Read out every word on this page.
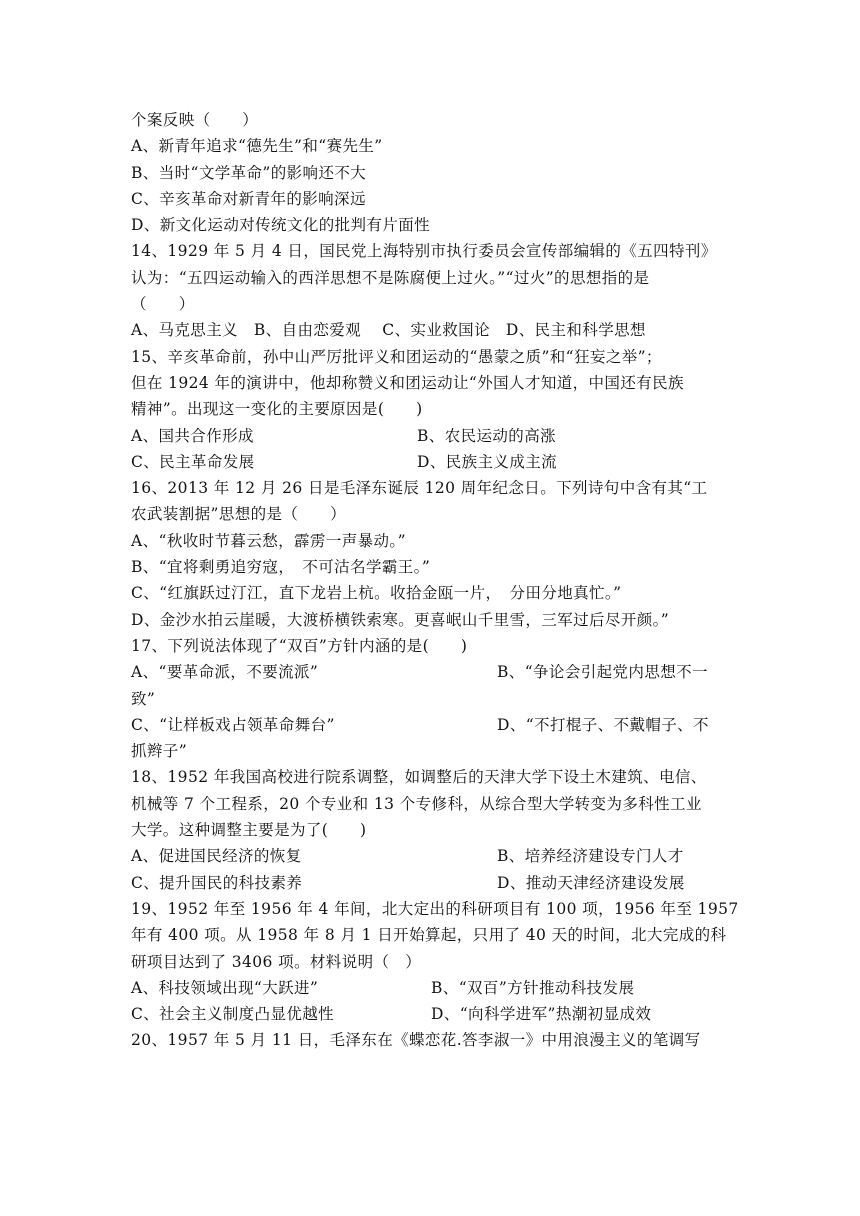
个案反映（　　）
A、新青年追求“德先生”和“赛先生”
B、当时“文学革命”的影响还不大
C、辛亥革命对新青年的影响深远
D、新文化运动对传统文化的批判有片面性
14、1929 年 5 月 4 日，国民党上海特别市执行委员会宣传部编辑的《五四特刊》
认为：“五四运动输入的西洋思想不是陈腐便上过火。”“过火”的思想指的是
（　　）
A、马克思主义　B、自由恋爱观　 C、实业救国论　D、民主和科学思想
15、辛亥革命前，孙中山严厉批评义和团运动的“愚蒙之质”和“狂妄之举”；
但在 1924 年的演讲中，他却称赞义和团运动让“外国人才知道，中国还有民族
精神”。出现这一变化的主要原因是(　　)
A、国共合作形成	B、农民运动的高涨
C、民主革命发展	D、民族主义成主流
16、2013 年 12 月 26 日是毛泽东诞辰 120 周年纪念日。下列诗句中含有其“工
农武装割据”思想的是（　　）
A、“秋收时节暮云愁，霹雳一声暴动。”
B、“宜将剩勇追穷寇，　不可沽名学霸王。”
C、“红旗跃过汀江，直下龙岩上杭。收拾金瓯一片，　分田分地真忙。”
D、金沙水拍云崖暖，大渡桥横铁索寒。更喜岷山千里雪，三军过后尽开颜。”
17、下列说法体现了“双百”方针内涵的是(　　)
A、“要革命派，不要流派”	B、“争论会引起党内思想不一
致”
C、“让样板戏占领革命舞台”	D、“不打棍子、不戴帽子、不
抓辫子”
18、1952 年我国高校进行院系调整，如调整后的天津大学下设土木建筑、电信、
机械等 7 个工程系，20 个专业和 13 个专修科，从综合型大学转变为多科性工业
大学。这种调整主要是为了(　　)
A、促进国民经济的恢复	B、培养经济建设专门人才
C、提升国民的科技素养	D、推动天津经济建设发展
19、1952 年至 1956 年 4 年间，北大定出的科研项目有 100 项，1956 年至 1957
年有 400 项。从 1958 年 8 月 1 日开始算起，只用了 40 天的时间，北大完成的科
研项目达到了 3406 项。材料说明（　）
A、科技领域出现“大跃进”	B、“双百”方针推动科技发展
C、社会主义制度凸显优越性	D、“向科学进军”热潮初显成效
20、1957 年 5 月 11 日，毛泽东在《蝶恋花.答李淑一》中用浪漫主义的笔调写
